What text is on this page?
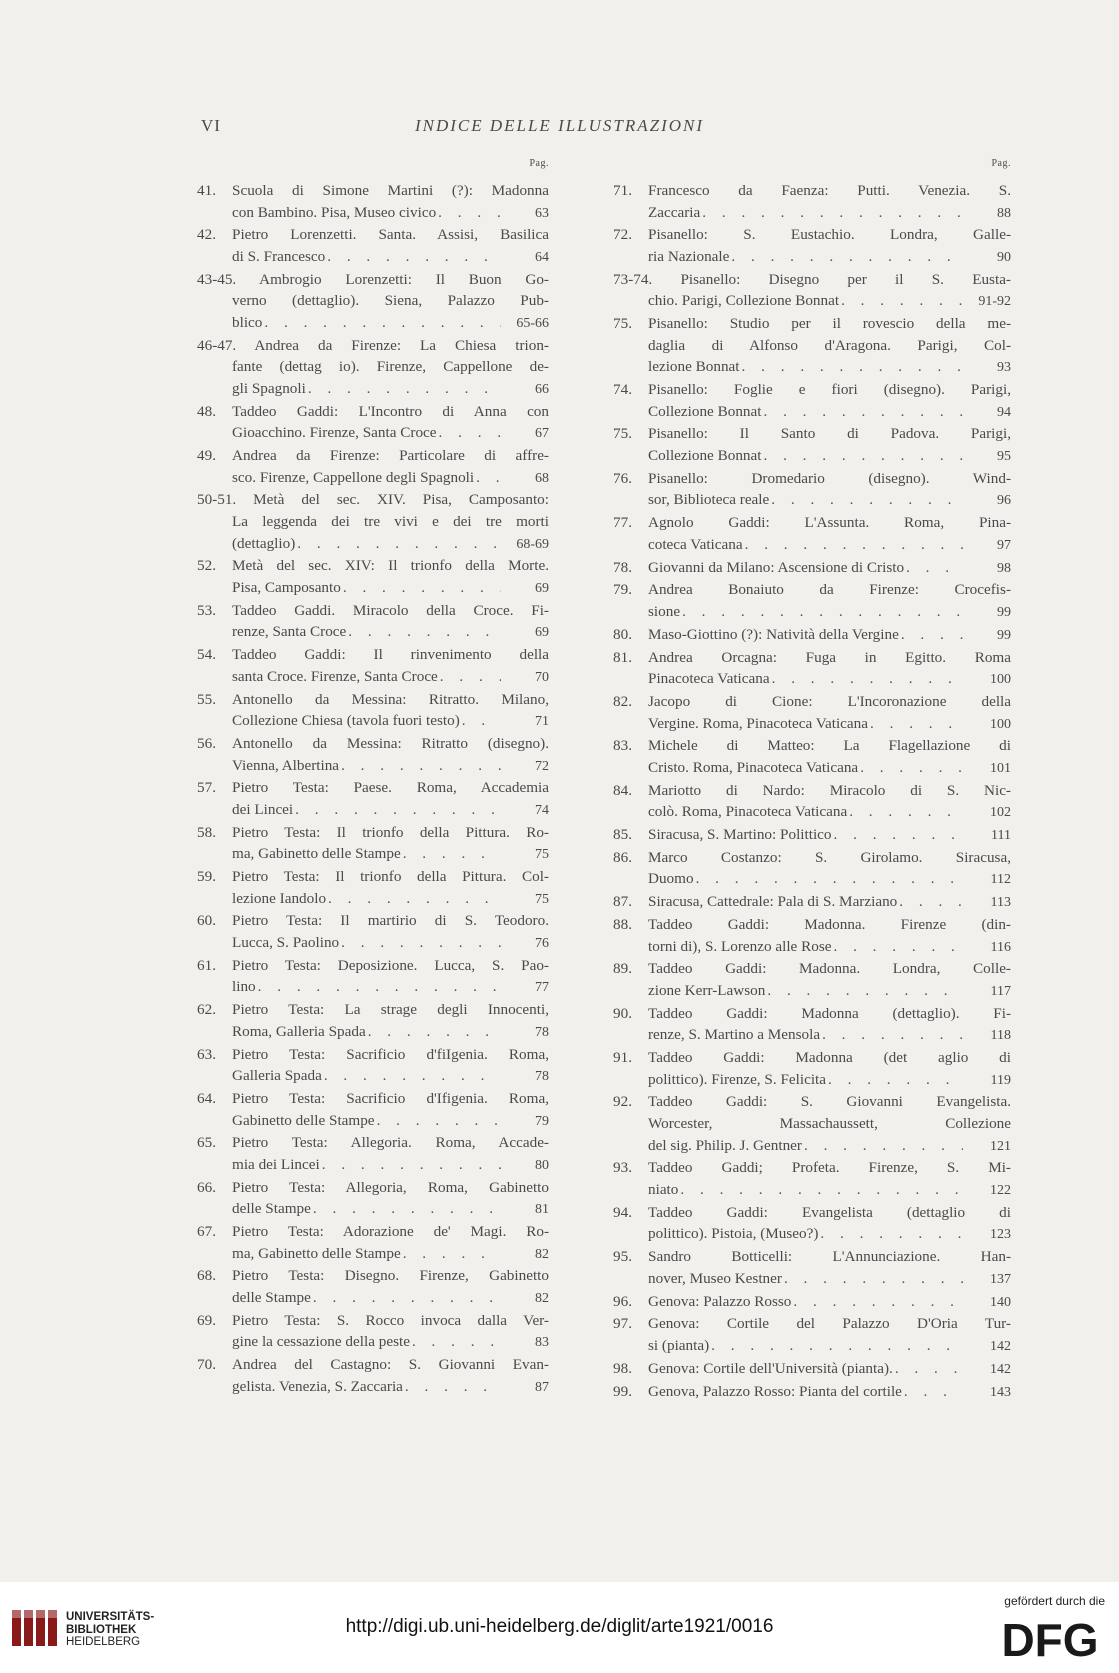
INDICE DELLE ILLUSTRAZIONI
VI
Pag.
41. Scuola di Simone Martini (?): Madonna
con Bambino. Pisa, Museo civico . . .	63
42. Pietro Lorenzetti. Santa. Assisi, Basilica
di S. Francesco . . .	64
43-45. Ambrogio Lorenzetti: Il Buon Go-
verno (dettaglio). Siena, Palazzo Pub-
blico . . .	65-66
46-47. Andrea da Firenze: La Chiesa trion-
fante (dettag io). Firenze, Cappellone de-
gli Spagnoli . . .	66
48. Taddeo Gaddi: L'Incontro di Anna con
Gioacchino. Firenze, Santa Croce . . .	67
49. Andrea da Firenze: Particolare di affre-
sco. Firenze, Cappellone degli Spagnoli . . .	68
50-51. Metà del sec. XIV. Pisa, Camposanto:
La leggenda dei tre vivi e dei tre morti
(dettaglio) . . .	68-69
52. Metà del sec. XIV: Il trionfo della Morte.
Pisa, Camposanto . . .	69
53. Taddeo Gaddi. Miracolo della Croce. Fi-
renze, Santa Croce . . .	69
54. Taddeo Gaddi: Il rinvenimento della
santa Croce. Firenze, Santa Croce . . .	70
55. Antonello da Messina: Ritratto. Milano,
Collezione Chiesa (tavola fuori testo) . . .	71
56. Antonello da Messina: Ritratto (disegno).
Vienna, Albertina . . .	72
57. Pietro Testa: Paese. Roma, Accademia
dei Lincei . . .	74
58. Pietro Testa: Il trionfo della Pittura. Ro-
ma, Gabinetto delle Stampe . . .	75
59. Pietro Testa: Il trionfo della Pittura. Col-
lezione Iandolo . . .	75
60. Pietro Testa: Il martirio di S. Teodoro.
Lucca, S. Paolino . . .	76
61. Pietro Testa: Deposizione. Lucca, S. Pao-
lino . . .	77
62. Pietro Testa: La strage degli Innocenti,
Roma, Galleria Spada . . .	78
63. Pietro Testa: Sacrificio d'fiIgenia. Roma,
Galleria Spada . . .	78
64. Pietro Testa: Sacrificio d'Ifigenia. Roma,
Gabinetto delle Stampe . . .	79
65. Pietro Testa: Allegoria. Roma, Accade-
mia dei Lincei . . .	80
66. Pietro Testa: Allegoria, Roma, Gabinetto
delle Stampe . . .	81
67. Pietro Testa: Adorazione de' Magi. Ro-
ma, Gabinetto delle Stampe . . .	82
68. Pietro Testa: Disegno. Firenze, Gabinetto
delle Stampe . . .	82
69. Pietro Testa: S. Rocco invoca dalla Ver-
gine la cessazione della peste . . .	83
70. Andrea del Castagno: S. Giovanni Evan-
gelista. Venezia, S. Zaccaria . . .	87
Pag.
71. Francesco da Faenza: Putti. Venezia. S.
Zaccaria . . .	88
72. Pisanello: S. Eustachio. Londra, Galle-
ria Nazionale . . .	90
73-74. Pisanello: Disegno per il S. Eusta-
chio. Parigi, Collezione Bonnat . . .	91-92
75. Pisanello: Studio per il rovescio della me-
daglia di Alfonso d'Aragona. Parigi, Col-
lezione Bonnat . . .	93
74. Pisanello: Foglie e fiori (disegno). Parigi,
Collezione Bonnat . . .	94
75. Pisanello: Il Santo di Padova. Parigi,
Collezione Bonnat . . .	95
76. Pisanello: Dromedario (disegno). Wind-
sor, Biblioteca reale . . .	96
77. Agnolo Gaddi: L'Assunta. Roma, Pina-
coteca Vaticana . . .	97
78. Giovanni da Milano: Ascensione di Cristo . . .	98
79. Andrea Bonaiuto da Firenze: Crocefis-
sione . . .	99
80. Maso-Giottino (?): Natività della Vergine . . .	99
81. Andrea Orcagna: Fuga in Egitto. Roma
Pinacoteca Vaticana . . .	100
82. Jacopo di Cione: L'Incoronazione della
Vergine. Roma, Pinacoteca Vaticana . . .	100
83. Michele di Matteo: La Flagellazione di
Cristo. Roma, Pinacoteca Vaticana . . .	101
84. Mariotto di Nardo: Miracolo di S. Nic-
colò. Roma, Pinacoteca Vaticana . . .	102
85. Siracusa, S. Martino: Polittico . . .	111
86. Marco Costanzo: S. Girolamo. Siracusa,
Duomo . . .	112
87. Siracusa, Cattedrale: Pala di S. Marziano . . .	113
88. Taddeo Gaddi: Madonna. Firenze (din-
torni di), S. Lorenzo alle Rose . . .	116
89. Taddeo Gaddi: Madonna. Londra, Colle-
zione Kerr-Lawson . . .	117
90. Taddeo Gaddi: Madonna (dettaglio). Fi-
renze, S. Martino a Mensola . . .	118
91. Taddeo Gaddi: Madonna (det aglio di
polittico). Firenze, S. Felicita . . .	119
92. Taddeo Gaddi: S. Giovanni Evangelista.
Worcester, Massachaussett, Collezione
del sig. Philip. J. Gentner . . .	121
93. Taddeo Gaddi; Profeta. Firenze, S. Mi-
niato . . .	122
94. Taddeo Gaddi: Evangelista (dettaglio di
polittico). Pistoia, (Museo?) . . .	123
95. Sandro Botticelli: L'Annunciazione. Han-
nover, Museo Kestner . . .	137
96. Genova: Palazzo Rosso . . .	140
97. Genova: Cortile del Palazzo D'Oria Tur-
si (pianta) . . .	142
98. Genova: Cortile dell'Università (pianta). . . .	142
99. Genova, Palazzo Rosso: Pianta del cortile . . .	143
UNIVERSITÄTS-
BIBLIOTHEK
HEIDELBERG
http://digi.ub.uni-heidelberg.de/diglit/arte1921/0016
gefördert durch die
DFG
